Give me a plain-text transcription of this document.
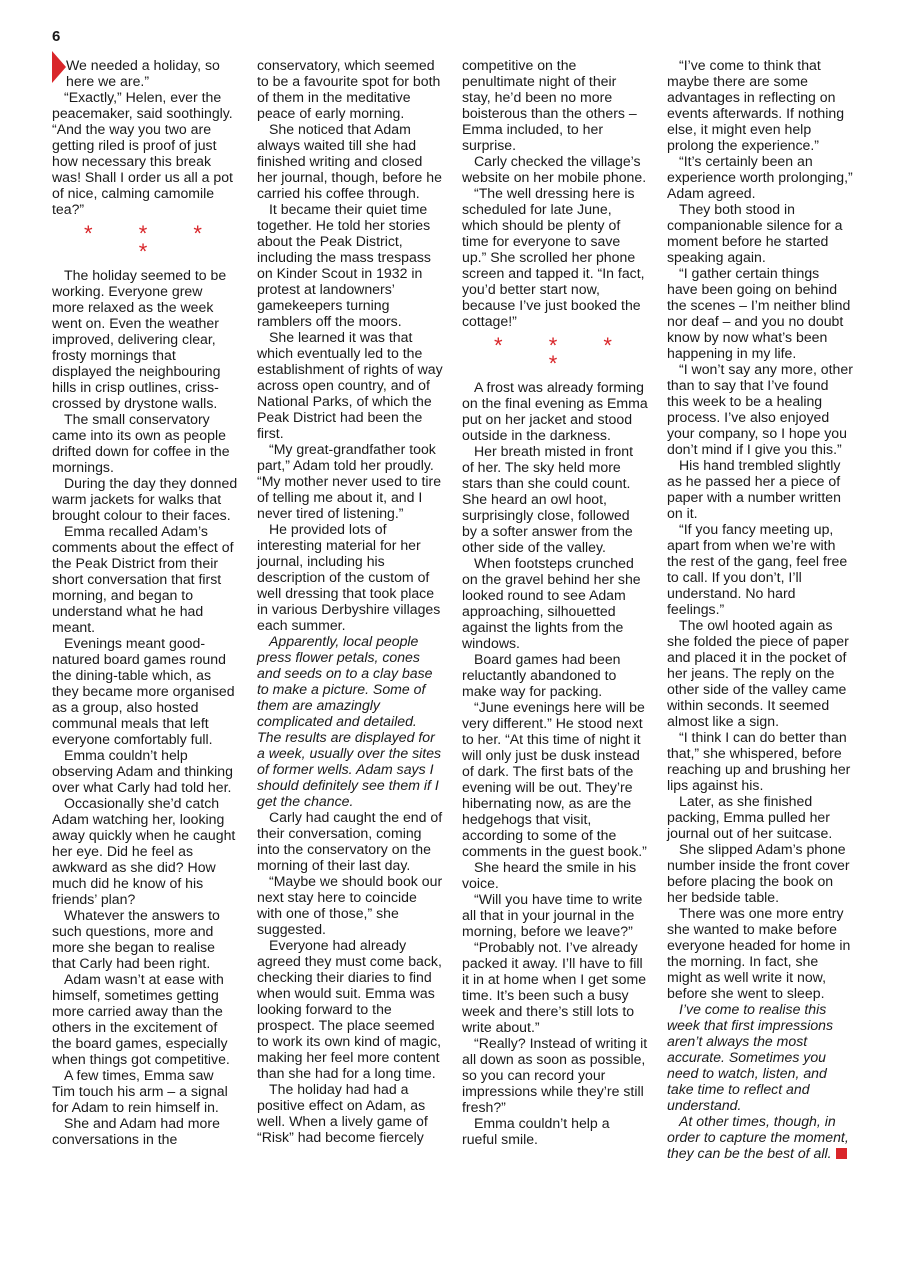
6

We needed a holiday, so here we are.”

“Exactly,” Helen, ever the peacemaker, said soothingly. “And the way you two are getting riled is proof of just how necessary this break was! Shall I order us all a pot of nice, calming camomile tea?”

* * * *

The holiday seemed to be working. Everyone grew more relaxed as the week went on. Even the weather improved, delivering clear, frosty mornings that displayed the neighbouring hills in crisp outlines, criss-crossed by drystone walls.

The small conservatory came into its own as people drifted down for coffee in the mornings.

During the day they donned warm jackets for walks that brought colour to their faces.

Emma recalled Adam’s comments about the effect of the Peak District from their short conversation that first morning, and began to understand what he had meant.

Evenings meant good-natured board games round the dining-table which, as they became more organised as a group, also hosted communal meals that left everyone comfortably full.

Emma couldn’t help observing Adam and thinking over what Carly had told her.

Occasionally she’d catch Adam watching her, looking away quickly when he caught her eye. Did he feel as awkward as she did? How much did he know of his friends’ plan?

Whatever the answers to such questions, more and more she began to realise that Carly had been right.

Adam wasn’t at ease with himself, sometimes getting more carried away than the others in the excitement of the board games, especially when things got competitive.

A few times, Emma saw Tim touch his arm – a signal for Adam to rein himself in.

She and Adam had more conversations in the

conservatory, which seemed to be a favourite spot for both of them in the meditative peace of early morning.

She noticed that Adam always waited till she had finished writing and closed her journal, though, before he carried his coffee through.

It became their quiet time together. He told her stories about the Peak District, including the mass trespass on Kinder Scout in 1932 in protest at landowners’ gamekeepers turning ramblers off the moors.

She learned it was that which eventually led to the establishment of rights of way across open country, and of National Parks, of which the Peak District had been the first.

“My great-grandfather took part,” Adam told her proudly. “My mother never used to tire of telling me about it, and I never tired of listening.”

He provided lots of interesting material for her journal, including his description of the custom of well dressing that took place in various Derbyshire villages each summer.

Apparently, local people press flower petals, cones and seeds on to a clay base to make a picture. Some of them are amazingly complicated and detailed. The results are displayed for a week, usually over the sites of former wells. Adam says I should definitely see them if I get the chance.

Carly had caught the end of their conversation, coming into the conservatory on the morning of their last day.

“Maybe we should book our next stay here to coincide with one of those,” she suggested.

Everyone had already agreed they must come back, checking their diaries to find when would suit. Emma was looking forward to the prospect. The place seemed to work its own kind of magic, making her feel more content than she had for a long time.

The holiday had had a positive effect on Adam, as well. When a lively game of “Risk” had become fiercely

competitive on the penultimate night of their stay, he’d been no more boisterous than the others – Emma included, to her surprise.

Carly checked the village’s website on her mobile phone.

“The well dressing here is scheduled for late June, which should be plenty of time for everyone to save up.” She scrolled her phone screen and tapped it. “In fact, you’d better start now, because I’ve just booked the cottage!”

* * * *

A frost was already forming on the final evening as Emma put on her jacket and stood outside in the darkness.

Her breath misted in front of her. The sky held more stars than she could count. She heard an owl hoot, surprisingly close, followed by a softer answer from the other side of the valley.

When footsteps crunched on the gravel behind her she looked round to see Adam approaching, silhouetted against the lights from the windows.

Board games had been reluctantly abandoned to make way for packing.

“June evenings here will be very different.” He stood next to her. “At this time of night it will only just be dusk instead of dark. The first bats of the evening will be out. They’re hibernating now, as are the hedgehogs that visit, according to some of the comments in the guest book.”

She heard the smile in his voice.

“Will you have time to write all that in your journal in the morning, before we leave?”

“Probably not. I’ve already packed it away. I’ll have to fill it in at home when I get some time. It’s been such a busy week and there’s still lots to write about.”

“Really? Instead of writing it all down as soon as possible, so you can record your impressions while they’re still fresh?”

Emma couldn’t help a rueful smile.

“I’ve come to think that maybe there are some advantages in reflecting on events afterwards. If nothing else, it might even help prolong the experience.”

“It’s certainly been an experience worth prolonging,” Adam agreed.

They both stood in companionable silence for a moment before he started speaking again.

“I gather certain things have been going on behind the scenes – I’m neither blind nor deaf – and you no doubt know by now what’s been happening in my life.

“I won’t say any more, other than to say that I’ve found this week to be a healing process. I’ve also enjoyed your company, so I hope you don’t mind if I give you this.”

His hand trembled slightly as he passed her a piece of paper with a number written on it.

“If you fancy meeting up, apart from when we’re with the rest of the gang, feel free to call. If you don’t, I’ll understand. No hard feelings.”

The owl hooted again as she folded the piece of paper and placed it in the pocket of her jeans. The reply on the other side of the valley came within seconds. It seemed almost like a sign.

“I think I can do better than that,” she whispered, before reaching up and brushing her lips against his.

Later, as she finished packing, Emma pulled her journal out of her suitcase.

She slipped Adam’s phone number inside the front cover before placing the book on her bedside table.

There was one more entry she wanted to make before everyone headed for home in the morning. In fact, she might as well write it now, before she went to sleep.

I’ve come to realise this week that first impressions aren’t always the most accurate. Sometimes you need to watch, listen, and take time to reflect and understand.

At other times, though, in order to capture the moment, they can be the best of all.
